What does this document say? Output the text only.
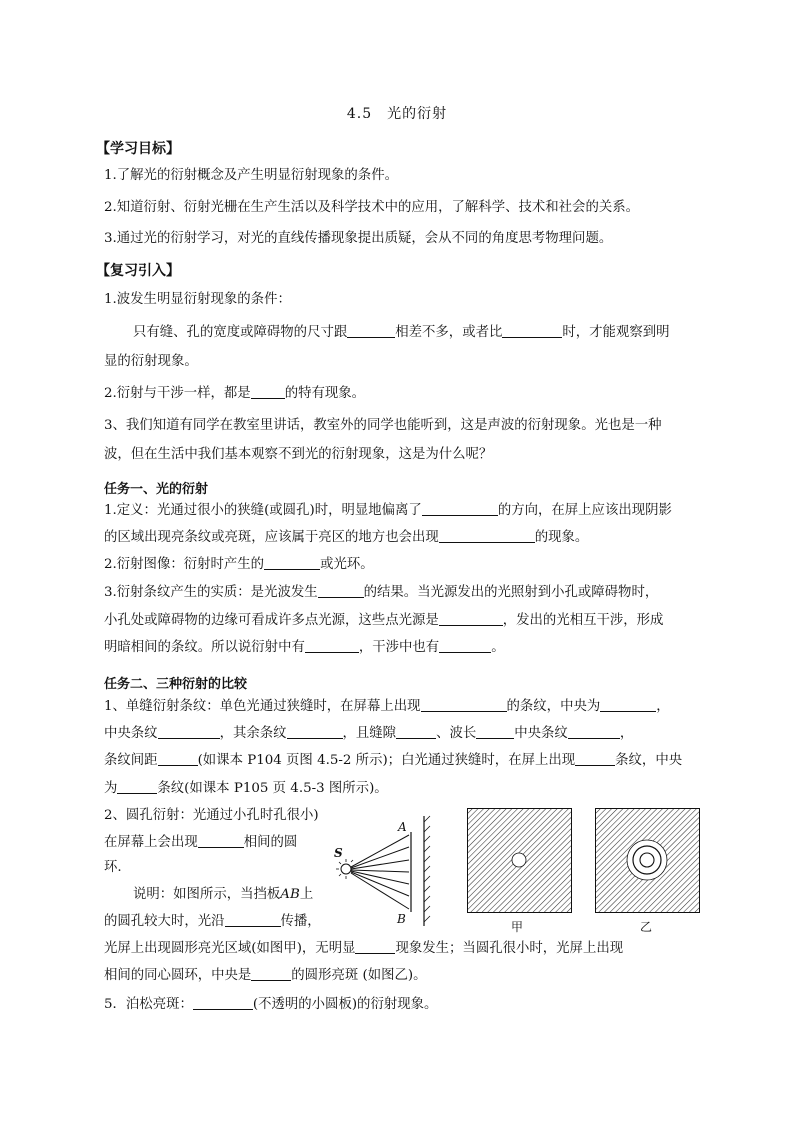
4.5　光的衍射
【学习目标】
1.了解光的衍射概念及产生明显衍射现象的条件。
2.知道衍射、衍射光栅在生产生活以及科学技术中的应用，了解科学、技术和社会的关系。
3.通过光的衍射学习，对光的直线传播现象提出质疑，会从不同的角度思考物理问题。
【复习引入】
1.波发生明显衍射现象的条件：
只有缝、孔的宽度或障碍物的尺寸跟	相差不多，或者比	时，才能观察到明
显的衍射现象。
2.衍射与干涉一样，都是	的特有现象。
3、我们知道有同学在教室里讲话，教室外的同学也能听到，这是声波的衍射现象。光也是一种
波，但在生活中我们基本观察不到光的衍射现象，这是为什么呢？
任务一、光的衍射
1.定义：光通过很小的狭缝(或圆孔)时，明显地偏离了	的方向，在屏上应该出现阴影
的区域出现亮条纹或亮斑，应该属于亮区的地方也会出现	的现象。
2.衍射图像：衍射时产生的	或光环。
3.衍射条纹产生的实质：是光波发生	的结果。当光源发出的光照射到小孔或障碍物时，
小孔处或障碍物的边缘可看成许多点光源，这些点光源是	，发出的光相互干涉，形成
明暗相间的条纹。所以说衍射中有	，干涉中也有	。
任务二、三种衍射的比较
1、单缝衍射条纹：单色光通过狭缝时，在屏幕上出现	的条纹，中央为	，
中央条纹	，其余条纹	，且缝隙	、波长	中央条纹	，
条纹间距	(如课本 P104 页图 4.5-2 所示)；白光通过狭缝时，在屏上出现	条纹，中央
为	条纹(如课本 P105 页 4.5-3 图所示)。
2、圆孔衍射：光通过小孔时孔很小)
在屏幕上会出现	相间的圆
环.
说明：如图所示，当挡板AB上
的圆孔较大时，光沿	传播，
光屏上出现圆形亮光区域(如图甲)，无明显	现象发生；当圆孔很小时，光屏上出现
相间的同心圆环，中央是	的圆形亮斑 (如图乙)。
5．泊松亮斑：	(不透明的小圆板)的衍射现象。
A
B
S
甲	乙
